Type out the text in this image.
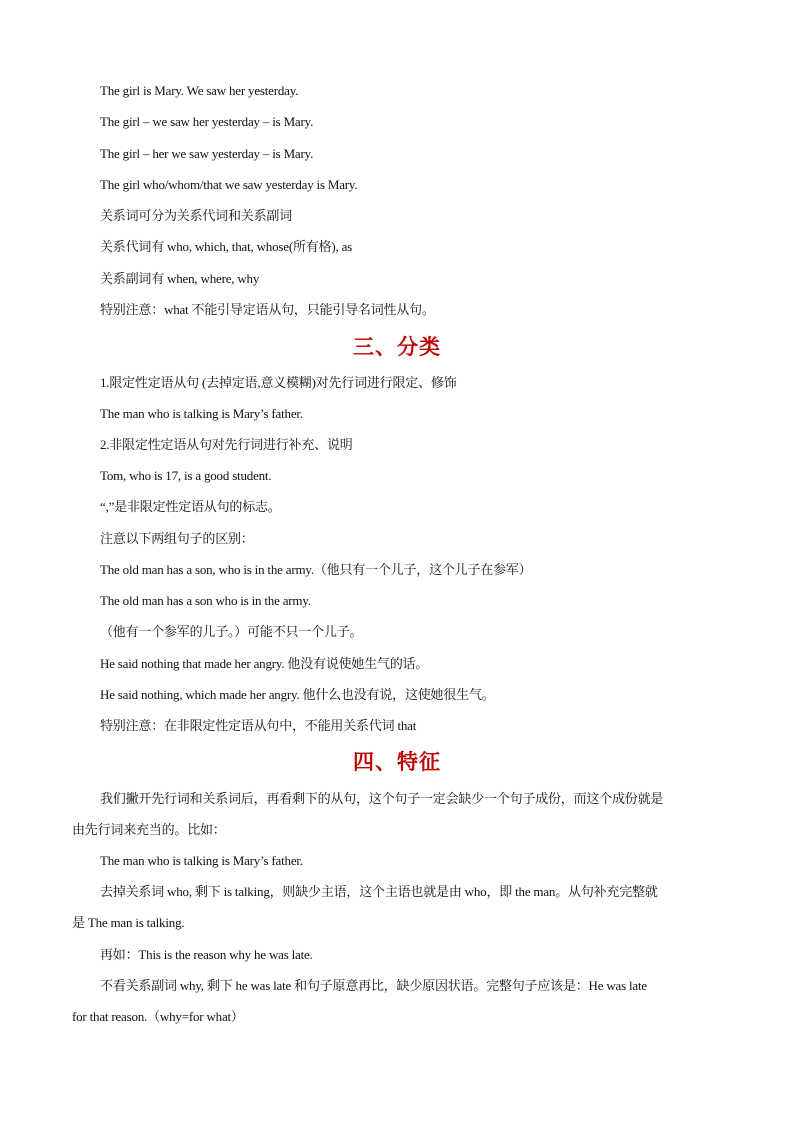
The girl is Mary. We saw her yesterday.
The girl – we saw her yesterday – is Mary.
The girl – her we saw yesterday – is Mary.
The girl who/whom/that we saw yesterday is Mary.
关系词可分为关系代词和关系副词
关系代词有 who, which, that, whose(所有格), as
关系副词有 when, where, why
特别注意：what 不能引导定语从句，只能引导名词性从句。
三、分类
1.限定性定语从句 (去掉定语,意义模糊)对先行词进行限定、修饰
The man who is talking is Mary’s father.
2.非限定性定语从句对先行词进行补充、说明
Tom, who is 17, is a good student.
“,”是非限定性定语从句的标志。
注意以下两组句子的区别：
The old man has a son, who is in the army.（他只有一个儿子，这个儿子在参军）
The old man has a son who is in the army.
（他有一个参军的儿子。）可能不只一个儿子。
He said nothing that made her angry. 他没有说使她生气的话。
He said nothing, which made her angry. 他什么也没有说，这使她很生气。
特别注意：在非限定性定语从句中，不能用关系代词 that
四、特征
我们撇开先行词和关系词后，再看剩下的从句，这个句子一定会缺少一个句子成份，而这个成份就是
由先行词来充当的。比如：
The man who is talking is Mary’s father.
去掉关系词 who, 剩下 is talking，则缺少主语，这个主语也就是由 who，即 the man。从句补充完整就
是 The man is talking.
再如：This is the reason why he was late.
不看关系副词 why, 剩下 he was late 和句子原意再比，缺少原因状语。完整句子应该是：He was late
for that reason.（why=for what）
